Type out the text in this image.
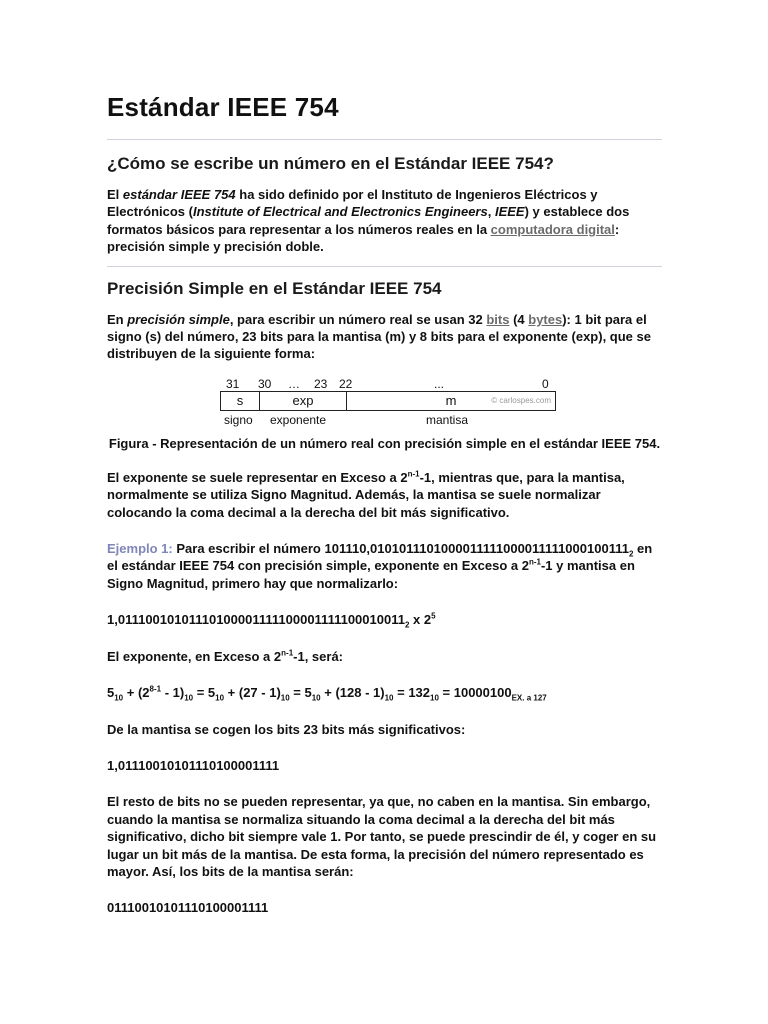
Estándar IEEE 754
¿Cómo se escribe un número en el Estándar IEEE 754?

El estándar IEEE 754 ha sido definido por el Instituto de Ingenieros Eléctricos y Electrónicos (Institute of Electrical and Electronics Engineers, IEEE) y establece dos formatos básicos para representar a los números reales en la computadora digital: precisión simple y precisión doble.

Precisión Simple en el Estándar IEEE 754

En precisión simple, para escribir un número real se usan 32 bits (4 bytes): 1 bit para el signo (s) del número, 23 bits para la mantisa (m) y 8 bits para el exponente (exp), que se distribuyen de la siguiente forma:

31 30 … 23 22	...	0
s	exp	m	© carlospes.com
signo exponente	mantisa
Figura - Representación de un número real con precisión simple en el estándar IEEE 754.

El exponente se suele representar en Exceso a 2$^{n-1}$-1, mientras que, para la mantisa, normalmente se utiliza Signo Magnitud. Además, la mantisa se suele normalizar colocando la coma decimal a la derecha del bit más significativo.

Ejemplo 1: Para escribir el número $101110,0101011101000011111000011111000100111_2$ en el estándar IEEE 754 con precisión simple, exponente en Exceso a 2$^{n-1}$-1 y mantisa en Signo Magnitud, primero hay que normalizarlo:

$1,01110010101110100001111100001111100010011_2$ x $2^5$

El exponente, en Exceso a 2$^{n-1}$-1, será:

$5_{10} + (2^{8-1} - 1)_{10} = 5_{10} + (27 - 1)_{10} = 5_{10} + (128 - 1)_{10} = 132_{10} = 10000100_{EX. a 127}$

De la mantisa se cogen los bits 23 bits más significativos:

1,01110010101110100001111

El resto de bits no se pueden representar, ya que, no caben en la mantisa. Sin embargo, cuando la mantisa se normaliza situando la coma decimal a la derecha del bit más significativo, dicho bit siempre vale 1. Por tanto, se puede prescindir de él, y coger en su lugar un bit más de la mantisa. De esta forma, la precisión del número representado es mayor. Así, los bits de la mantisa serán:

01110010101110100001111
